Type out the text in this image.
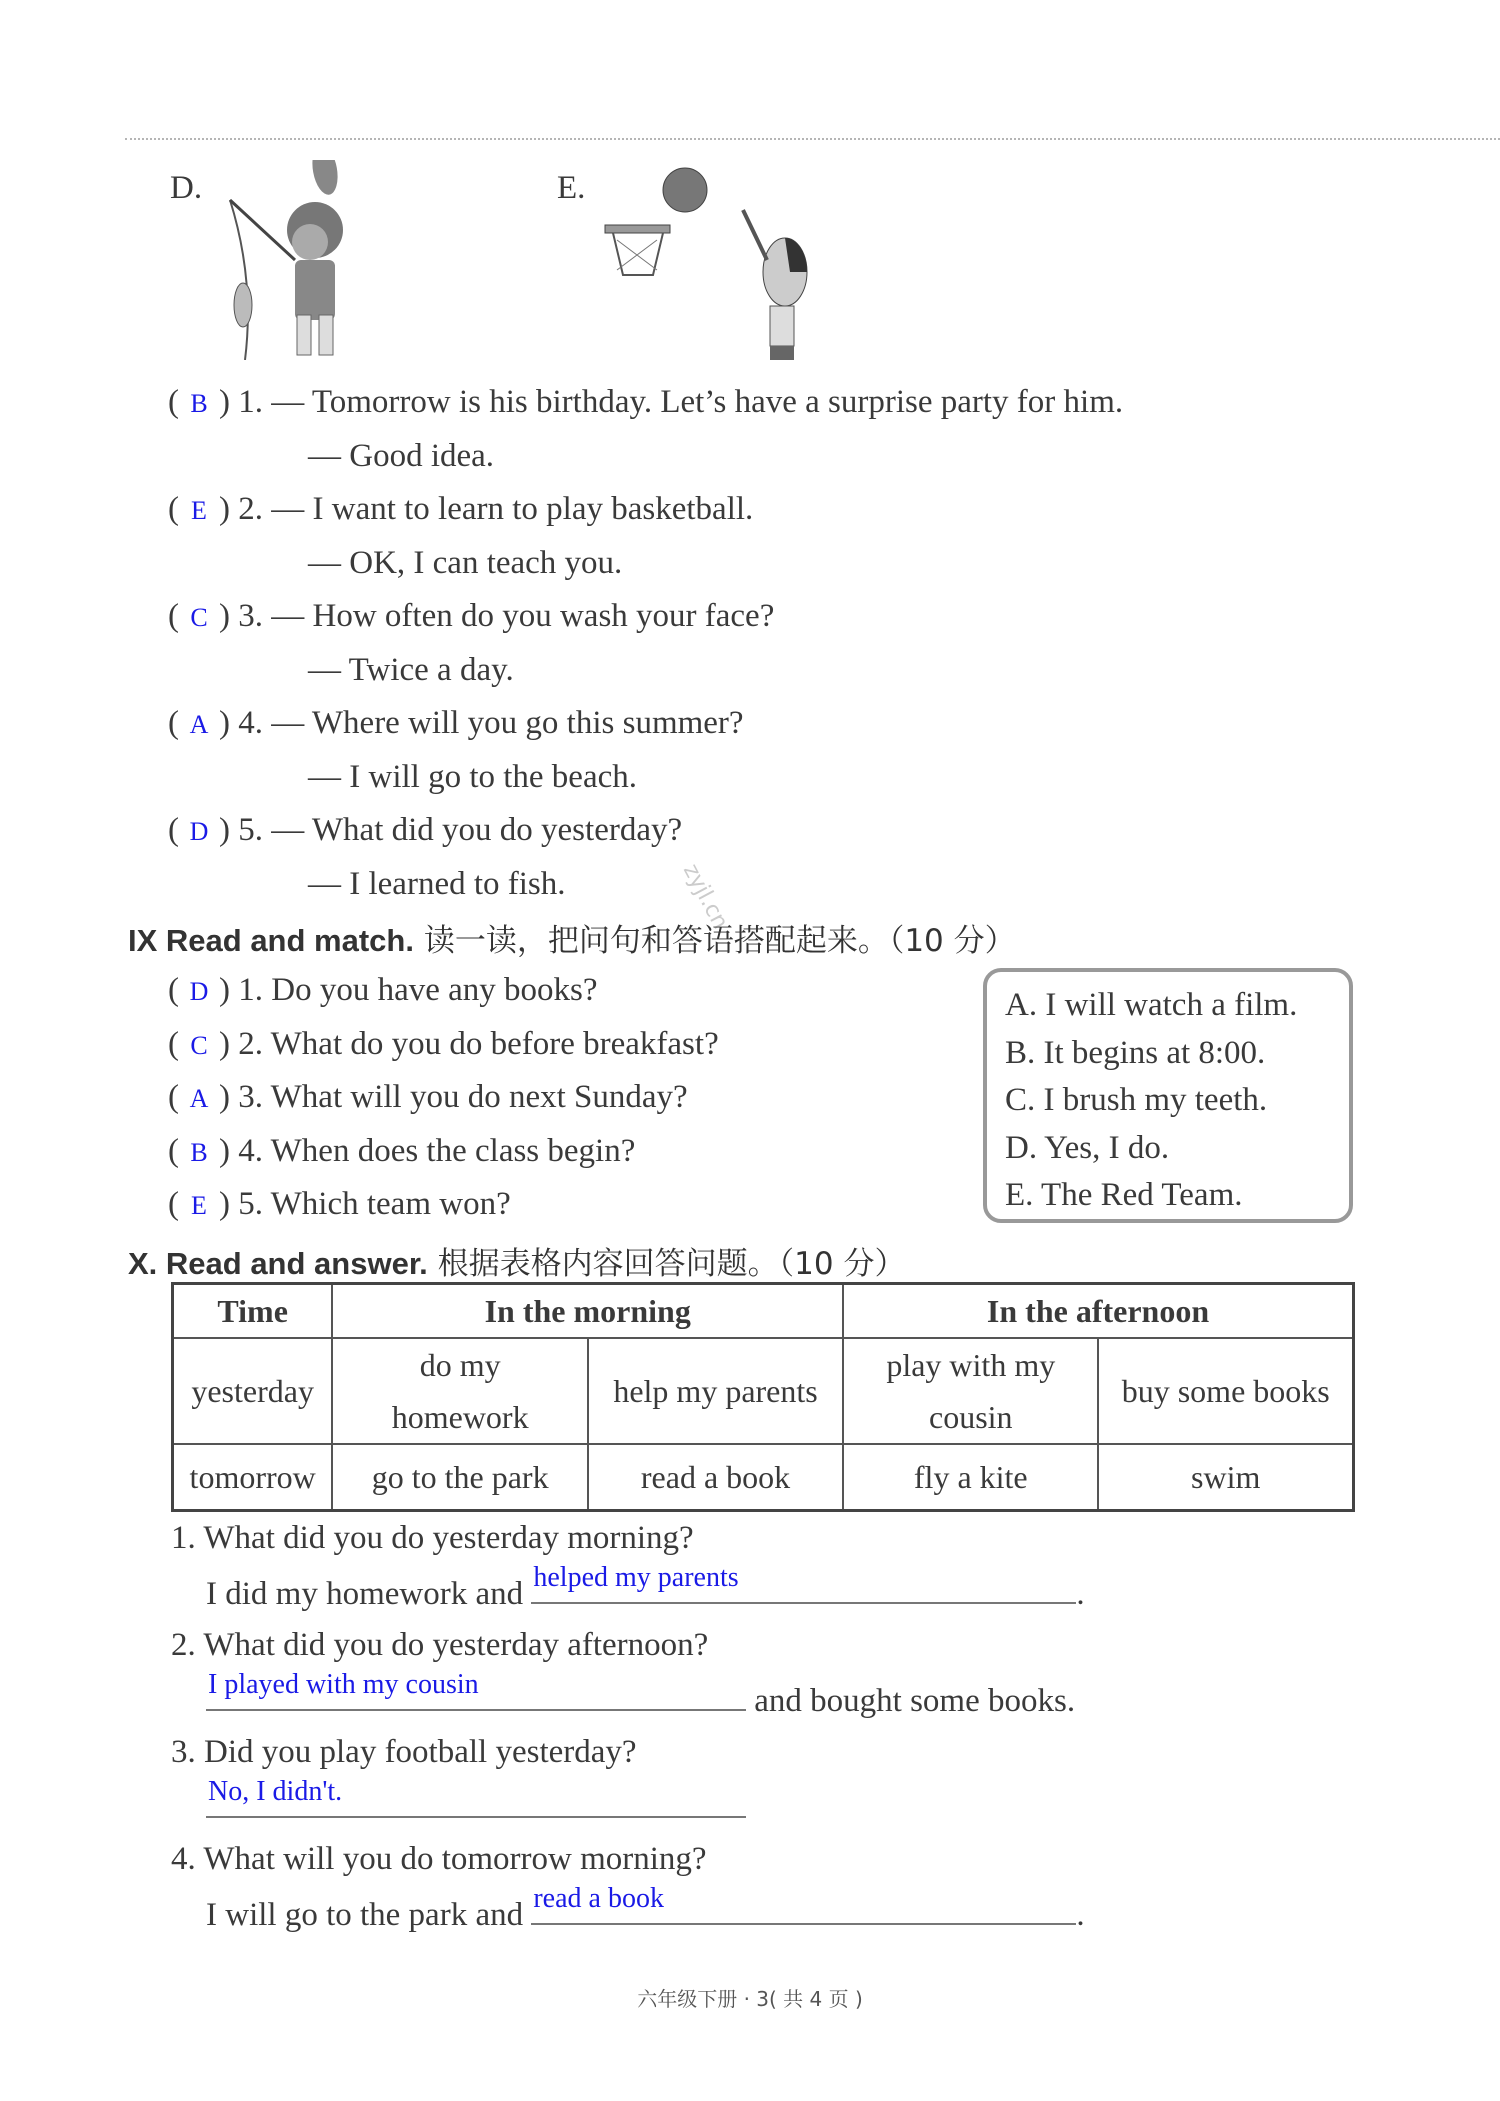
D.	E.
( B ) 1. — Tomorrow is his birthday. Let’s have a surprise party for him.
— Good idea.
( E ) 2. — I want to learn to play basketball.
— OK, I can teach you.
( C ) 3. — How often do you wash your face?
— Twice a day.
( A ) 4. — Where will you go this summer?
— I will go to the beach.
( D ) 5. — What did you do yesterday?
— I learned to fish.	zyjl.cn
IX Read and match. 读一读，把问句和答语搭配起来。（10 分）
( D ) 1. Do you have any books?
( C ) 2. What do you do before breakfast?
( A ) 3. What will you do next Sunday?
( B ) 4. When does the class begin?
( E ) 5. Which team won?
A. I will watch a film.
B. It begins at 8:00.
C. I brush my teeth.
D. Yes, I do.
E. The Red Team.
X. Read and answer. 根据表格内容回答问题。（10 分）
Time	In the morning		In the afternoon	
yesterday	do my homework	help my parents	play with my cousin	buy some books
tomorrow	go to the park	read a book	fly a kite	swim
1. What did you do yesterday morning?
I did my homework and helped my parents	.
2. What did you do yesterday afternoon?
I played with my cousin	and bought some books.
3. Did you play football yesterday?
No, I didn't.
4. What will you do tomorrow morning?
I will go to the park and read a book	.
六年级下册 · 3( 共 4 页 )
